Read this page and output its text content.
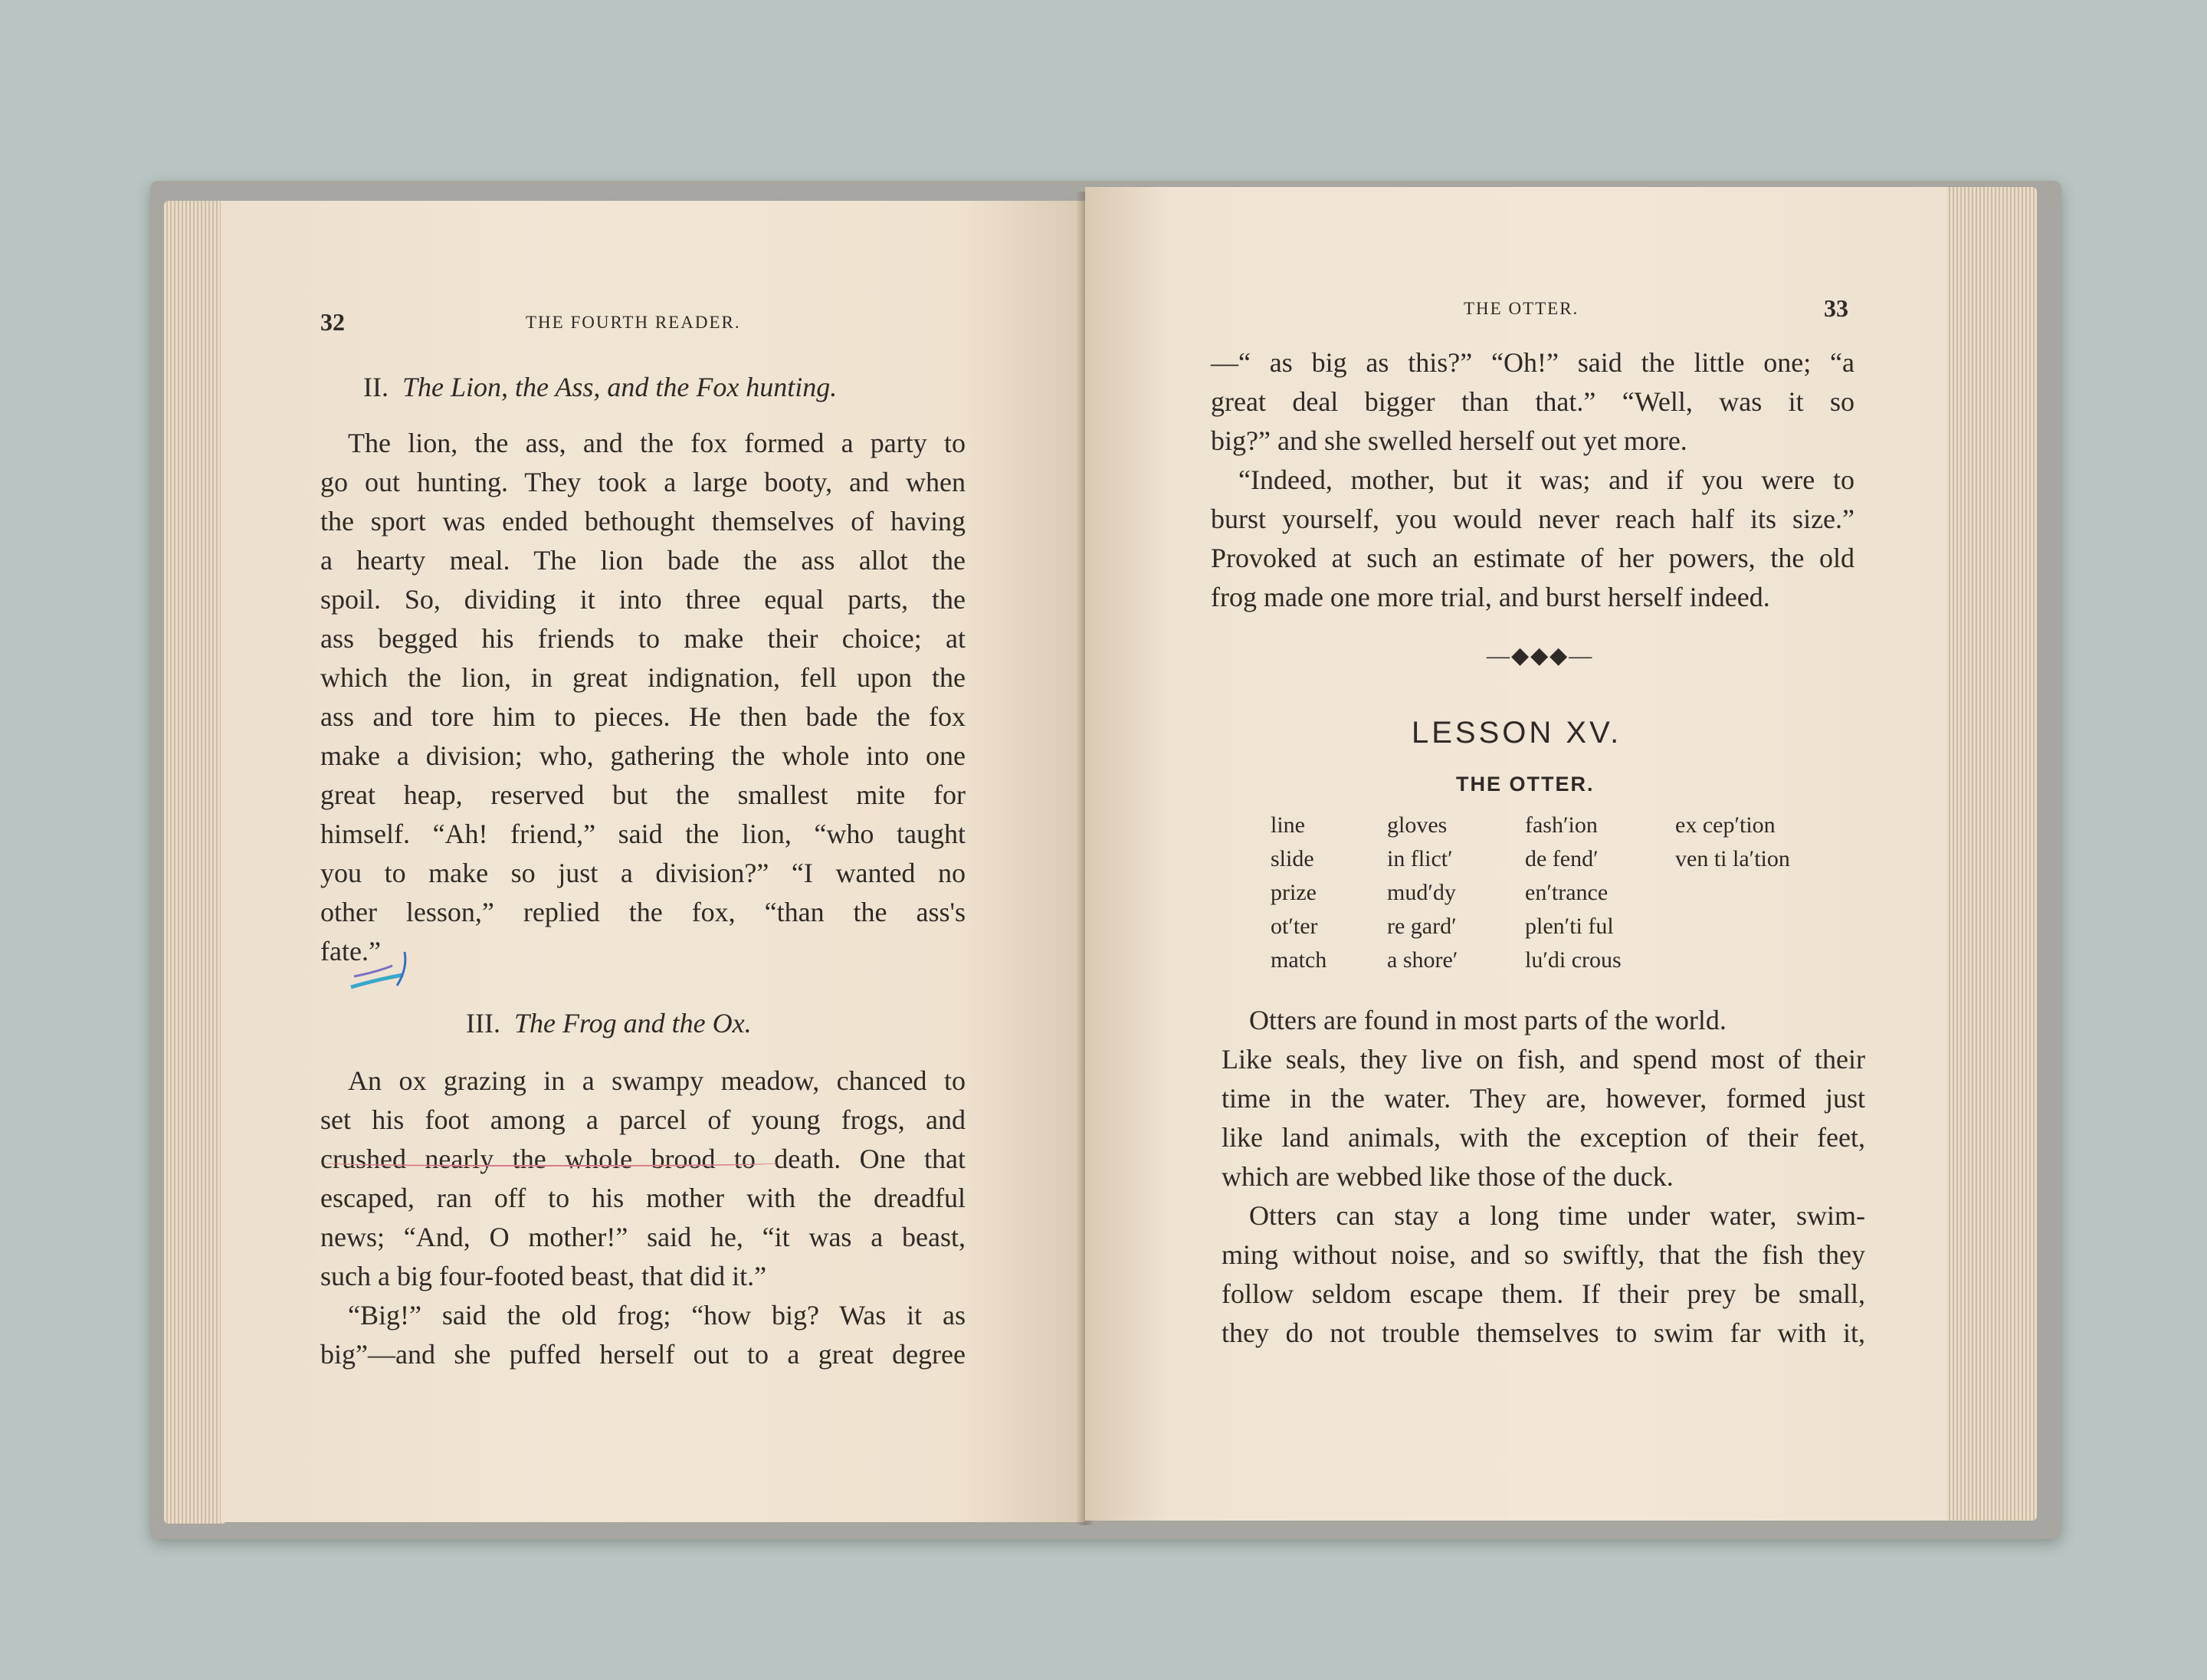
32	THE FOURTH READER.
II. The Lion, the Ass, and the Fox hunting.

The lion, the ass, and the fox formed a party to

go out hunting. They took a large booty, and when

the sport was ended bethought themselves of having

a hearty meal. The lion bade the ass allot the

spoil. So, dividing it into three equal parts, the

ass begged his friends to make their choice; at

which the lion, in great indignation, fell upon the

ass and tore him to pieces. He then bade the fox

make a division; who, gathering the whole into one

great heap, reserved but the smallest mite for

himself. “Ah! friend,” said the lion, “who taught

you to make so just a division?” “I wanted no

other lesson,” replied the fox, “than the ass's

fate.”

III. The Frog and the Ox.

An ox grazing in a swampy meadow, chanced to

set his foot among a parcel of young frogs, and

crushed nearly the whole brood to death. One that

escaped, ran off to his mother with the dreadful

news; “And, O mother!” said he, “it was a beast,

such a big four-footed beast, that did it.”

“Big!” said the old frog; “how big? Was it as

big”—and she puffed herself out to a great degree

THE OTTER.	33

—“ as big as this?” “Oh!” said the little one; “a

great deal bigger than that.” “Well, was it so

big?” and she swelled herself out yet more.

“Indeed, mother, but it was; and if you were to

burst yourself, you would never reach half its size.”

Provoked at such an estimate of her powers, the old

frog made one more trial, and burst herself indeed.

—◆◆◆—
LESSON XV.
THE OTTER.
line	gloves	fash′ion	ex cep′tion
slide	in flict′	de fend′	ven ti la′tion
prize	mud′dy	en′trance
ot′ter	re gard′	plen′ti ful
match	a shore′	lu′di crous

Otters are found in most parts of the world.

Like seals, they live on fish, and spend most of their

time in the water. They are, however, formed just

like land animals, with the exception of their feet,

which are webbed like those of the duck.

Otters can stay a long time under water, swim-

ming without noise, and so swiftly, that the fish they

follow seldom escape them. If their prey be small,

they do not trouble themselves to swim far with it,
